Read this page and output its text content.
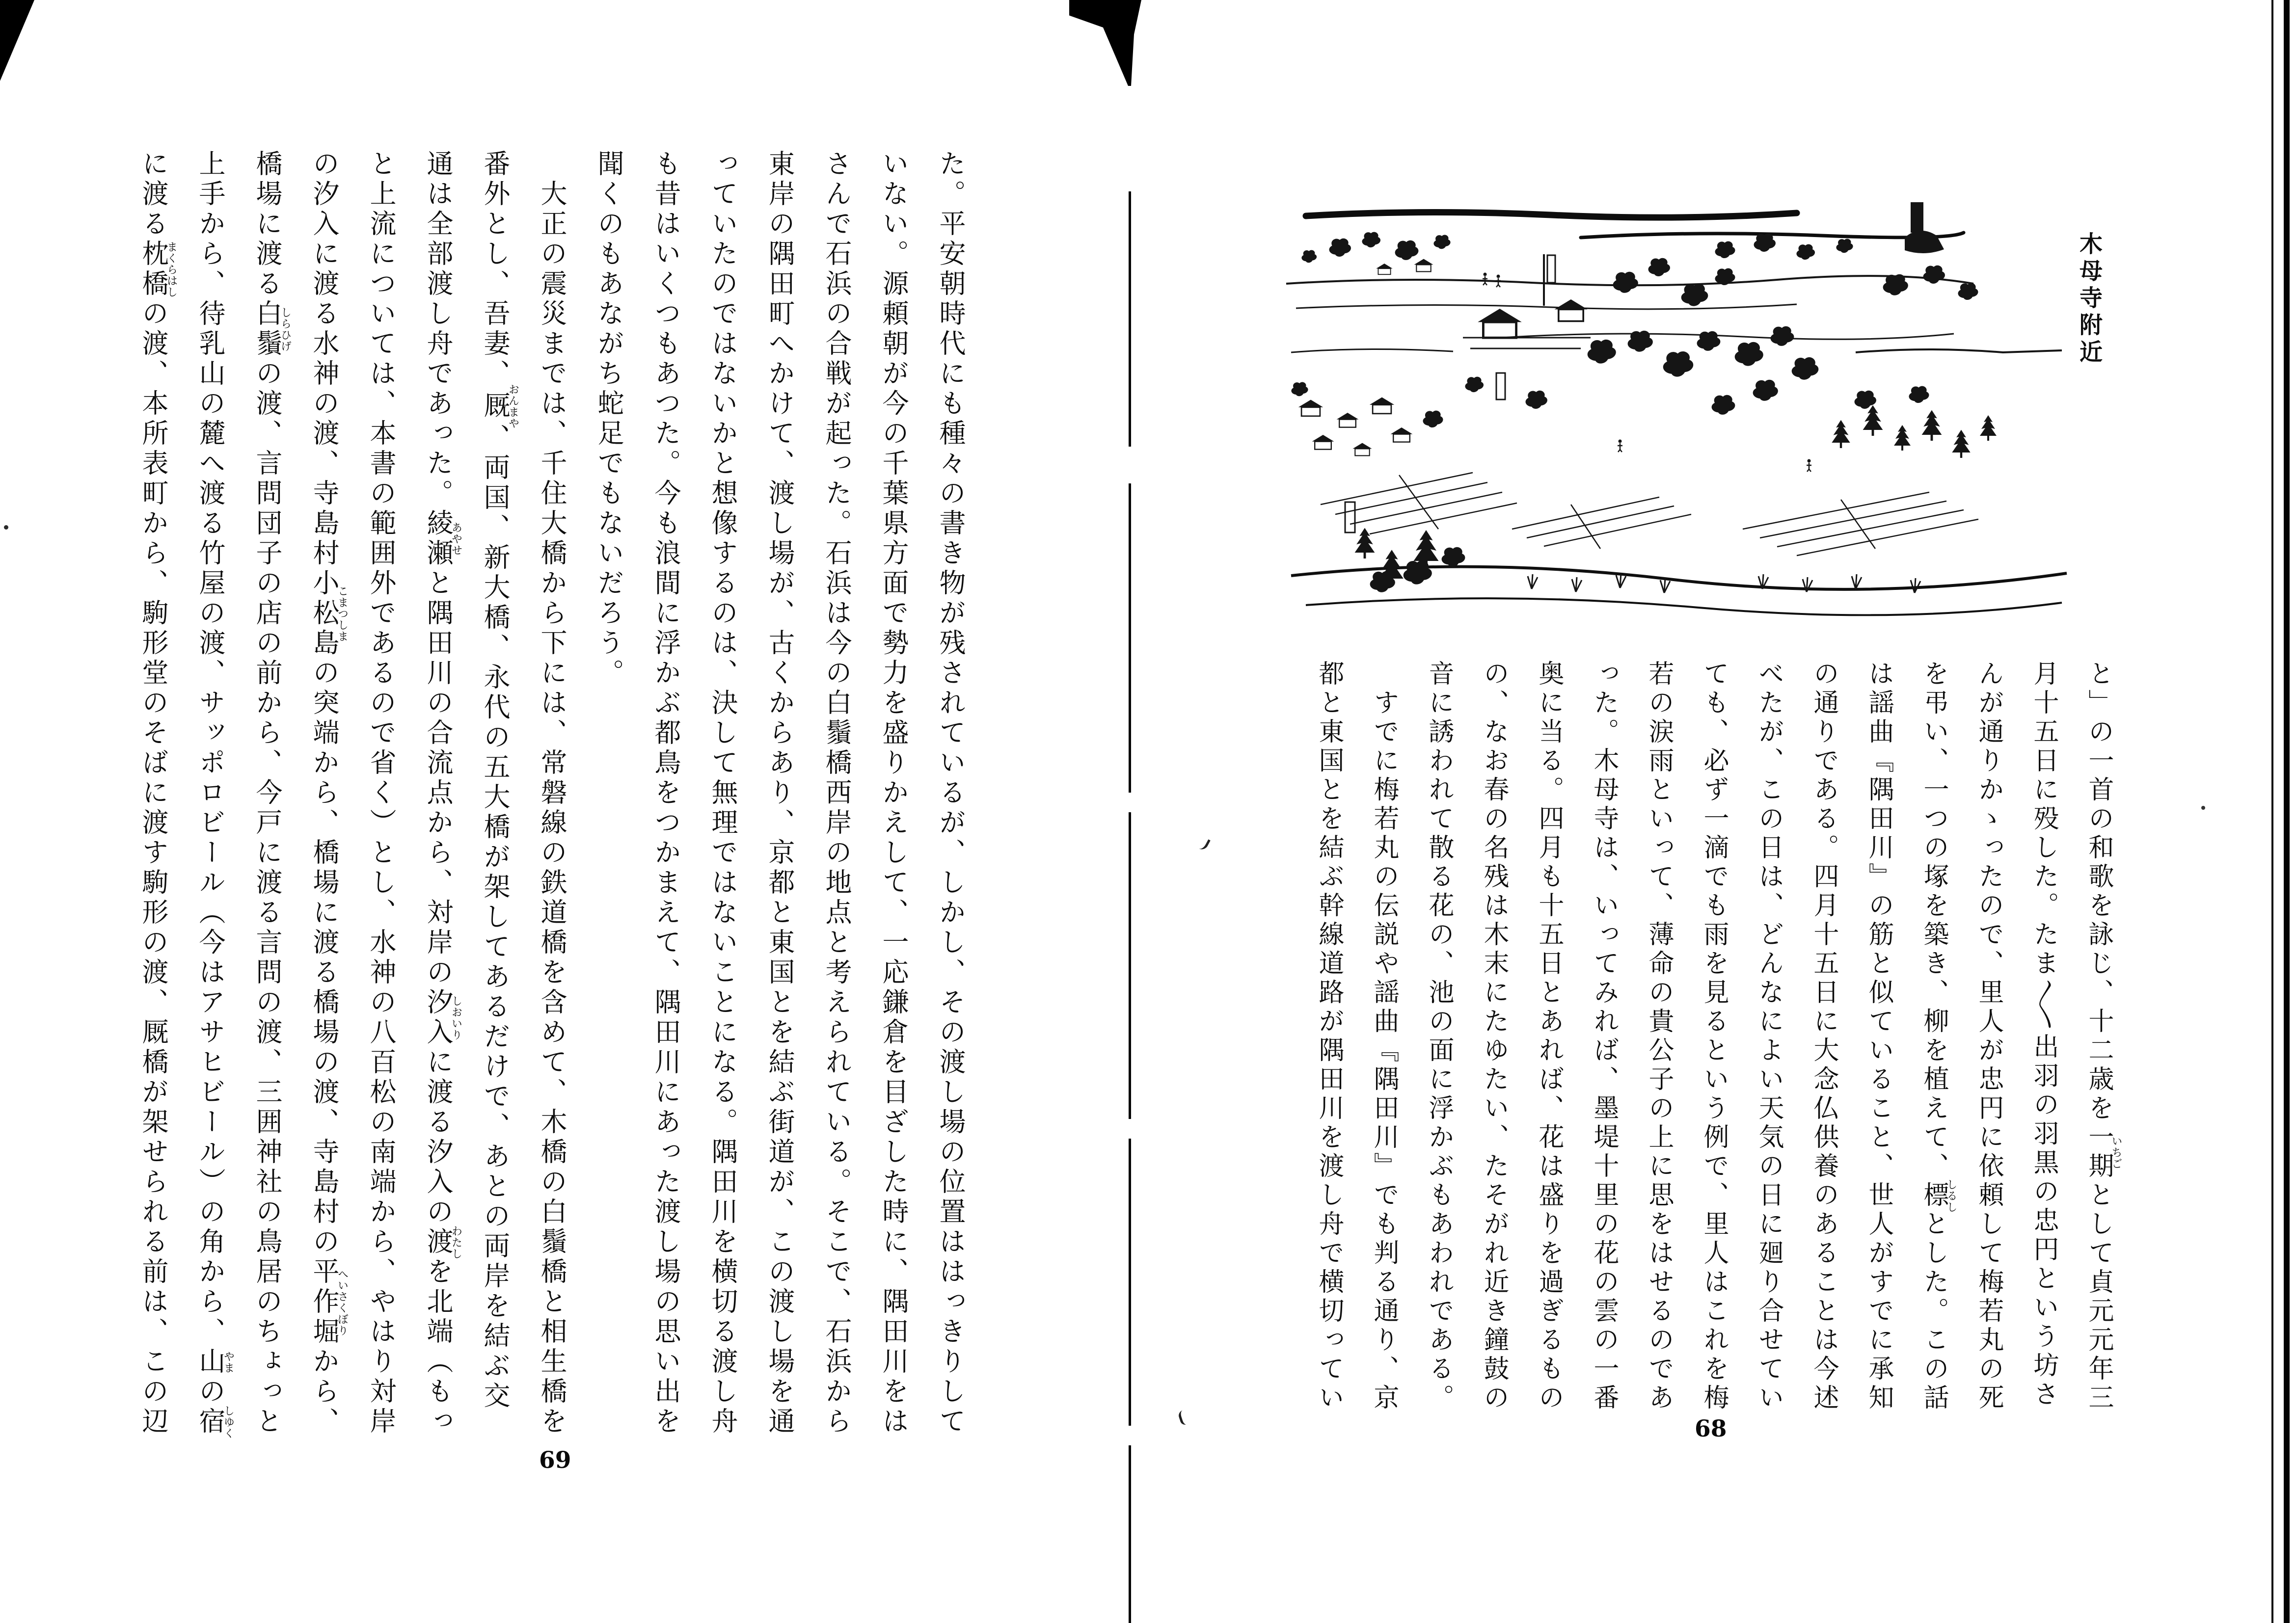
木母寺附近
と」の一首の和歌を詠じ、十二歳を一期いちごとして貞元元年三
月十五日に殁した。たま〱出羽の羽黒の忠円という坊さ
んが通りかゝったので、里人が忠円に依頼して梅若丸の死
を弔い、一つの塚を築き、柳を植えて、標しるしとした。この話
は謡曲『隅田川』の筋と似ていること、世人がすでに承知
の通りである。四月十五日に大念仏供養のあることは今述
べたが、この日は、どんなによい天気の日に廻り合せてい
ても、必ず一滴でも雨を見るという例で、里人はこれを梅
若の涙雨といって、薄命の貴公子の上に思をはせるのであ
った。木母寺は、いってみれば、墨堤十里の花の雲の一番
奥に当る。四月も十五日とあれば、花は盛りを過ぎるもの
の、なお春の名残は木末にたゆたい、たそがれ近き鐘鼓の
音に誘われて散る花の、池の面に浮かぶもあわれである。
　すでに梅若丸の伝説や謡曲『隅田川』でも判る通り、京
都と東国とを結ぶ幹線道路が隅田川を渡し舟で横切ってい
68
た。平安朝時代にも種々の書き物が残されているが、しかし、その渡し場の位置ははっきりして
いない。源頼朝が今の千葉県方面で勢力を盛りかえして、一応鎌倉を目ざした時に、隅田川をは
さんで石浜の合戦が起った。石浜は今の白鬚橋西岸の地点と考えられている。そこで、石浜から
東岸の隅田町へかけて、渡し場が、古くからあり、京都と東国とを結ぶ街道が、この渡し場を通
っていたのではないかと想像するのは、決して無理ではないことになる。隅田川を横切る渡し舟
も昔はいくつもあつた。今も浪間に浮かぶ都鳥をつかまえて、隅田川にあった渡し場の思い出を
聞くのもあながち蛇足でもないだろう。
　大正の震災までは、千住大橋から下には、常磐線の鉄道橋を含めて、木橋の白鬚橋と相生橋を
番外とし、吾妻、厩おんまや、両国、新大橋、永代の五大橋が架してあるだけで、あとの両岸を結ぶ交
通は全部渡し舟であった。綾瀬あやせと隅田川の合流点から、対岸の汐入しおいりに渡る汐入の渡わたしを北端（もっ
と上流については、本書の範囲外であるので省く）とし、水神の八百松の南端から、やはり対岸
の汐入に渡る水神の渡、寺島村小松島こまつしまの突端から、橋場に渡る橋場の渡、寺島村の平作堀へいさくぼりから、
橋場に渡る白鬚しらひげの渡、言問団子の店の前から、今戸に渡る言問の渡、三囲神社の鳥居のちょっと
上手から、待乳山の麓へ渡る竹屋の渡、サッポロビール（今はアサヒビール）の角から、山やまの宿しゆく
に渡る枕橋まくらはしの渡、本所表町から、駒形堂のそばに渡す駒形の渡、厩橋が架せられる前は、この辺
69
